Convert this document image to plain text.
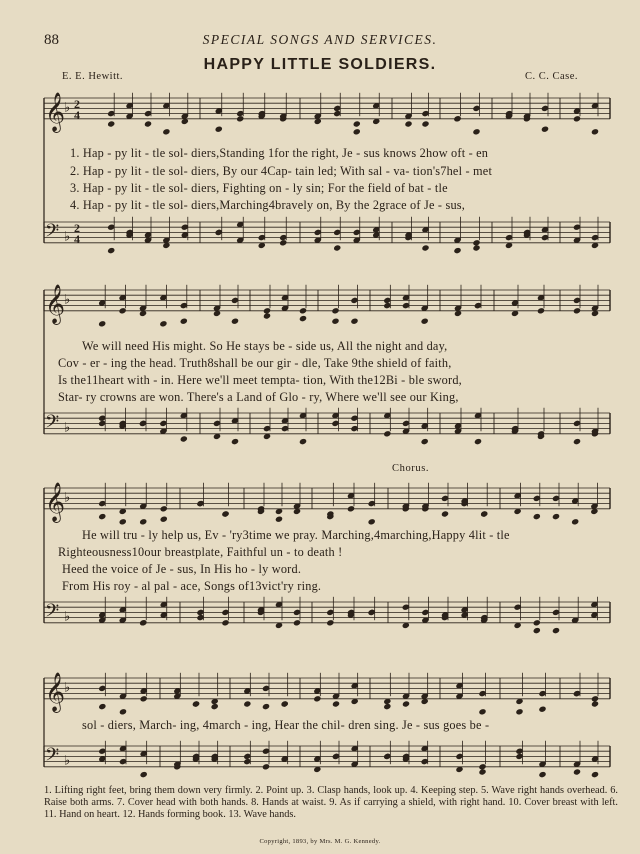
𝄞
♭ 2
4
𝄢 ♭
2
4
𝄞
♭
𝄢 ♭
𝄞
♭
𝄢 ♭
𝄞
♭
𝄢 ♭
88	SPECIAL SONGS AND SERVICES.
HAPPY LITTLE SOLDIERS.
E. E. Hewitt.	C. C. Case.
1. Hap - py lit - tle sol- diers,Standing 1for the right, Je - sus knows 2how oft - en
2. Hap - py lit - tle sol- diers, By our 4Cap- tain led; With sal - va- tion's7hel - met
3. Hap - py lit - tle sol- diers, Fighting on - ly sin; For the field of bat - tle
4. Hap - py lit - tle sol- diers,Marching4bravely on, By the 2grace of Je - sus,
We will need His might. So He stays be - side us, All the night and day,
Cov - er - ing the head. Truth8shall be our gir - dle, Take 9the shield of faith,
Is the11heart with - in. Here we'll meet tempta- tion, With the12Bi - ble sword,
Star- ry crowns are won. There's a Land of Glo - ry, Where we'll see our King,
Chorus.
He will tru - ly help us, Ev - 'ry3time we pray. Marching,4marching,Happy 4lit - tle
Righteousness10our breastplate, Faithful un - to death !
Heed the voice of Je - sus, In His ho - ly word.
From His roy - al pal - ace, Songs of13vict'ry ring.
sol - diers, March- ing, 4march - ing, Hear the chil- dren sing. Je - sus goes be -
1. Lifting right feet, bring them down very firmly. 2. Point up. 3. Clasp hands, look up. 4. Keeping step. 5. Wave right hands overhead. 6. Raise both arms. 7. Cover head with both hands. 8. Hands at waist. 9. As if carrying a shield, with right hand. 10. Cover breast with left. 11. Hand on heart. 12. Hands forming book. 13. Wave hands.
Copyright, 1893, by Mrs. M. G. Kennedy.
